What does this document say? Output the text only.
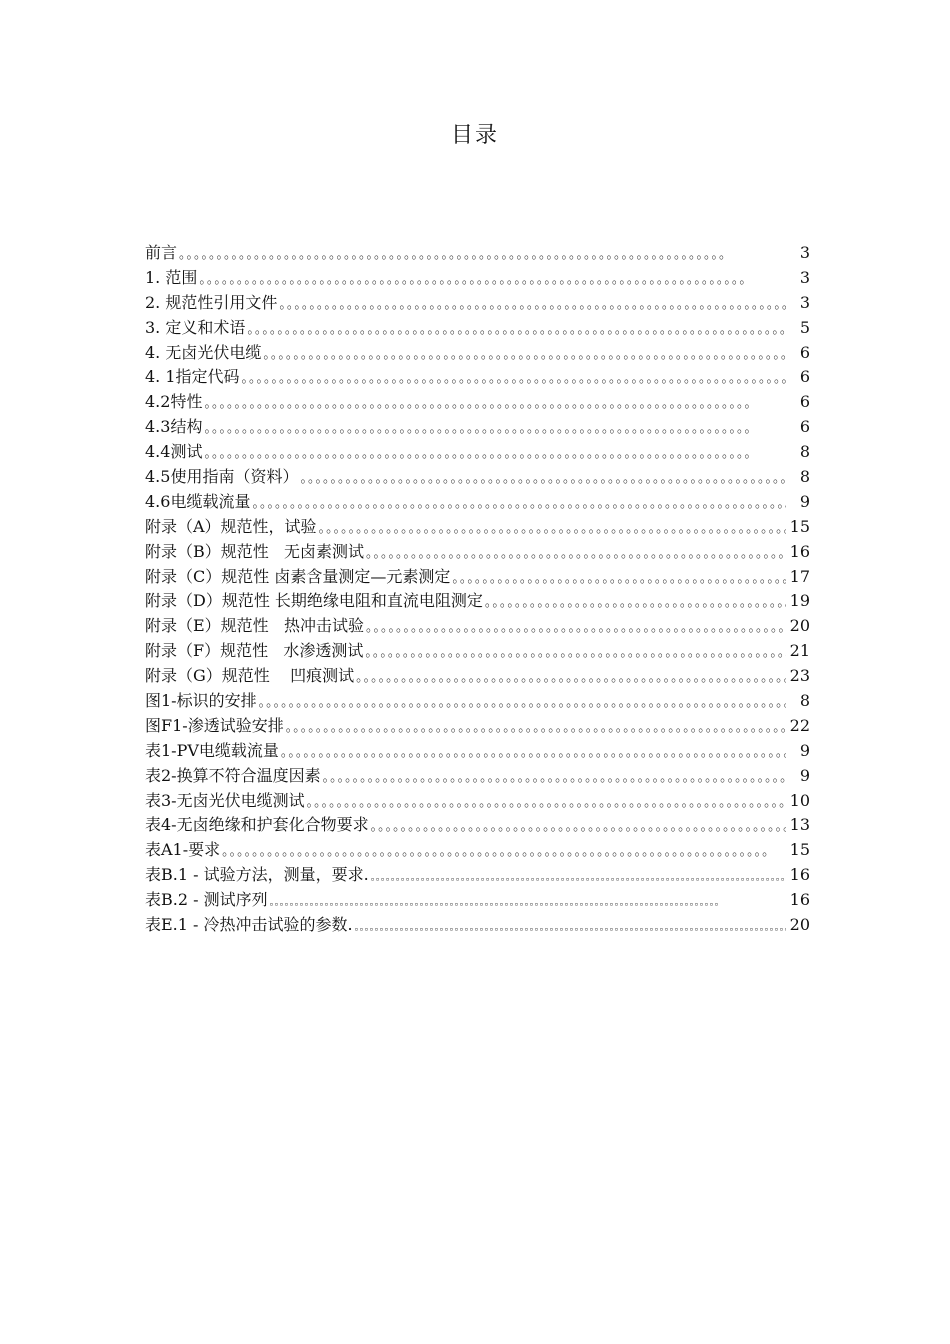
目录
前言 。。。。。。。。。。。。。。。。。。。。。。。。。。。。。。。。。。。。。。。。。。。。。。。。。。。。。。。。。。。。。。。。。。。。。。。。。	3
1. 范围 。。。。。。。。。。。。。。。。。。。。。。。。。。。。。。。。。。。。。。。。。。。。。。。。。。。。。。。。。。。。。。。。。。。。。。。。。	3
2. 规范性引用文件 。。。。。。。。。。。。。。。。。。。。。。。。。。。。。。。。。。。。。。。。。。。。。。。。。。。。。。。。。。。。。。。。。。。。。。。。。	3
3. 定义和术语 。。。。。。。。。。。。。。。。。。。。。。。。。。。。。。。。。。。。。。。。。。。。。。。。。。。。。。。。。。。。。。。。。。。。。。。。。	5
4. 无卤光伏电缆 。。。。。。。。。。。。。。。。。。。。。。。。。。。。。。。。。。。。。。。。。。。。。。。。。。。。。。。。。。。。。。。。。。。。。。。。。	6
4. 1指定代码 。。。。。。。。。。。。。。。。。。。。。。。。。。。。。。。。。。。。。。。。。。。。。。。。。。。。。。。。。。。。。。。。。。。。。。。。。	6
4.2特性 。。。。。。。。。。。。。。。。。。。。。。。。。。。。。。。。。。。。。。。。。。。。。。。。。。。。。。。。。。。。。。。。。。。。。。。。。	6
4.3结构 。。。。。。。。。。。。。。。。。。。。。。。。。。。。。。。。。。。。。。。。。。。。。。。。。。。。。。。。。。。。。。。。。。。。。。。。。	6
4.4测试 。。。。。。。。。。。。。。。。。。。。。。。。。。。。。。。。。。。。。。。。。。。。。。。。。。。。。。。。。。。。。。。。。。。。。。。。。	8
4.5使用指南（资料） 。。。。。。。。。。。。。。。。。。。。。。。。。。。。。。。。。。。。。。。。。。。。。。。。。。。。。。。。。。。。。。。。。。。。。。。。。	8
4.6电缆载流量 。。。。。。。。。。。。。。。。。。。。。。。。。。。。。。。。。。。。。。。。。。。。。。。。。。。。。。。。。。。。。。。。。。。。。。。。。	9
附录（A）规范性，试验 。。。。。。。。。。。。。。。。。。。。。。。。。。。。。。。。。。。。。。。。。。。。。。。。。。。。。。。。。。。。。。。。。。。。。。。。。	15
附录（B）规范性   无卤素测试 。。。。。。。。。。。。。。。。。。。。。。。。。。。。。。。。。。。。。。。。。。。。。。。。。。。。。。。。。。。。。。。。。。。。。。。。。	16
附录（C）规范性 卤素含量测定—元素测定 。。。。。。。。。。。。。。。。。。。。。。。。。。。。。。。。。。。。。。。。。。。。。。。。。。。。。。。。。。。。。。。。。。。。。。。。。	17
附录（D）规范性 长期绝缘电阻和直流电阻测定 。。。。。。。。。。。。。。。。。。。。。。。。。。。。。。。。。。。。。。。。。。。。。。。。。。。。。。。。。。。。。。。。。。。。。。。。。	19
附录（E）规范性   热冲击试验 。。。。。。。。。。。。。。。。。。。。。。。。。。。。。。。。。。。。。。。。。。。。。。。。。。。。。。。。。。。。。。。。。。。。。。。。。	20
附录（F）规范性   水渗透测试 。。。。。。。。。。。。。。。。。。。。。。。。。。。。。。。。。。。。。。。。。。。。。。。。。。。。。。。。。。。。。。。。。。。。。。。。。	21
附录（G）规范性    凹痕测试 。。。。。。。。。。。。。。。。。。。。。。。。。。。。。。。。。。。。。。。。。。。。。。。。。。。。。。。。。。。。。。。。。。。。。。。。。	23
图1-标识的安排 。。。。。。。。。。。。。。。。。。。。。。。。。。。。。。。。。。。。。。。。。。。。。。。。。。。。。。。。。。。。。。。。。。。。。。。。。	8
图F1-渗透试验安排 。。。。。。。。。。。。。。。。。。。。。。。。。。。。。。。。。。。。。。。。。。。。。。。。。。。。。。。。。。。。。。。。。。。。。。。。。	22
表1-PV电缆载流量 。。。。。。。。。。。。。。。。。。。。。。。。。。。。。。。。。。。。。。。。。。。。。。。。。。。。。。。。。。。。。。。。。。。。。。。。。	9
表2-换算不符合温度因素 。。。。。。。。。。。。。。。。。。。。。。。。。。。。。。。。。。。。。。。。。。。。。。。。。。。。。。。。。。。。。。。。。。。。。。。。。	9
表3-无卤光伏电缆测试 。。。。。。。。。。。。。。。。。。。。。。。。。。。。。。。。。。。。。。。。。。。。。。。。。。。。。。。。。。。。。。。。。。。。。。。。。	10
表4-无卤绝缘和护套化合物要求 。。。。。。。。。。。。。。。。。。。。。。。。。。。。。。。。。。。。。。。。。。。。。。。。。。。。。。。。。。。。。。。。。。。。。。。。。	13
表A1-要求 。。。。。。。。。。。。。。。。。。。。。。。。。。。。。。。。。。。。。。。。。。。。。。。。。。。。。。。。。。。。。。。。。。。。。。。。。	15
表B.1 - 试验方法，测量，要求. 。。。。。。。。。。。。。。。。。。。。。。。。。。。。。。。。。。。。。。。。。。。。。。。。。。。。。。。。。。。。。。。。。。。。。。。。。。。。。。。。。。。。。。。。。。	16
表B.2 - 测试序列 。。。。。。。。。。。。。。。。。。。。。。。。。。。。。。。。。。。。。。。。。。。。。。。。。。。。。。。。。。。。。。。。。。。。。。。。。。。。。。。。。。。。。。。。。。	16
表E.1 - 冷热冲击试验的参数. 。。。。。。。。。。。。。。。。。。。。。。。。。。。。。。。。。。。。。。。。。。。。。。。。。。。。。。。。。。。。。。。。。。。。。。。。。。。。。。。。。。。。。。。。。。	20
